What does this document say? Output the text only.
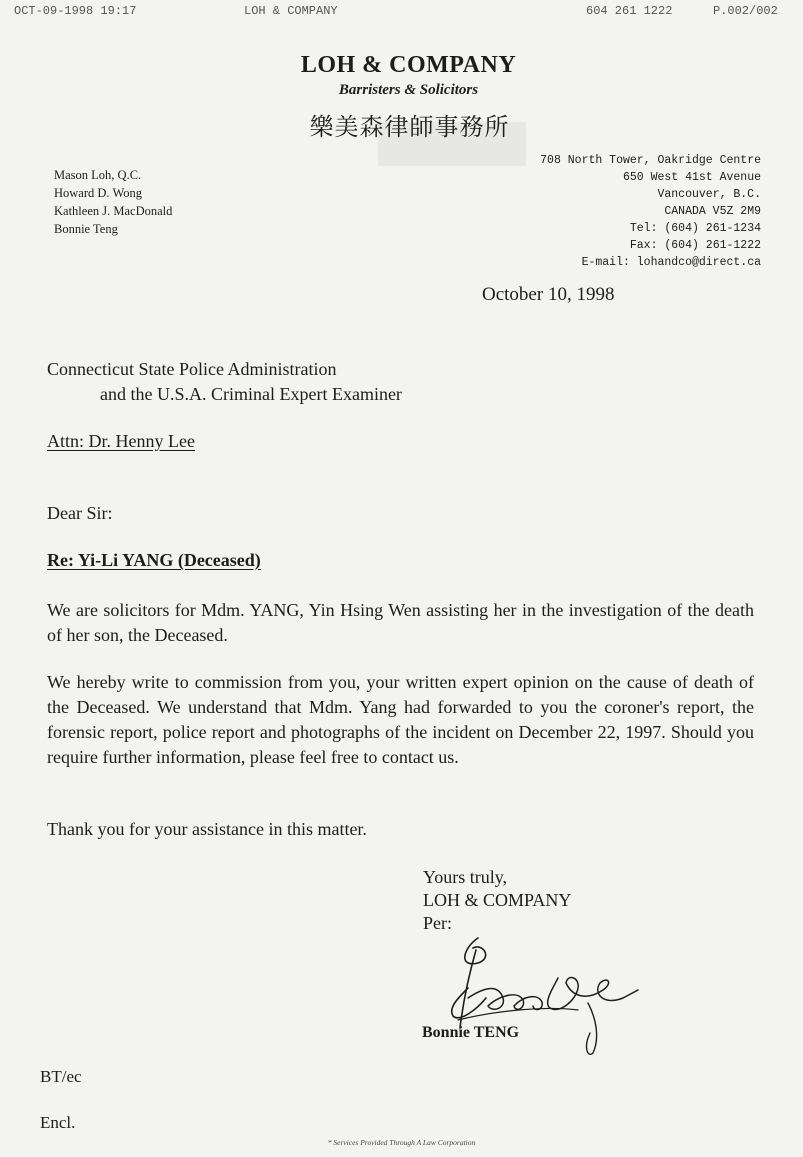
OCT-09-1998 19:17	LOH & COMPANY	604 261 1222	P.002/002
LOH & COMPANY
Barristers & Solicitors
樂美森律師事務所
Mason Loh, Q.C.
Howard D. Wong
Kathleen J. MacDonald
Bonnie Teng
708 North Tower, Oakridge Centre
650 West 41st Avenue
Vancouver, B.C.
CANADA V5Z 2M9
Tel: (604) 261-1234
Fax: (604) 261-1222
E-mail: lohandco@direct.ca
October 10, 1998
Connecticut State Police Administration
and the U.S.A. Criminal Expert Examiner
Attn: Dr. Henny Lee
Dear Sir:
Re: Yi-Li YANG (Deceased)
We are solicitors for Mdm. YANG, Yin Hsing Wen assisting her in the investigation of the death of her son, the Deceased.
We hereby write to commission from you, your written expert opinion on the cause of death of the Deceased. We understand that Mdm. Yang had forwarded to you the coroner's report, the forensic report, police report and photographs of the incident on December 22, 1997. Should you require further information, please feel free to contact us.
Thank you for your assistance in this matter.
Yours truly,
LOH & COMPANY
Per:
Bonnie TENG
BT/ec
Encl.
* Services Provided Through A Law Corporation
